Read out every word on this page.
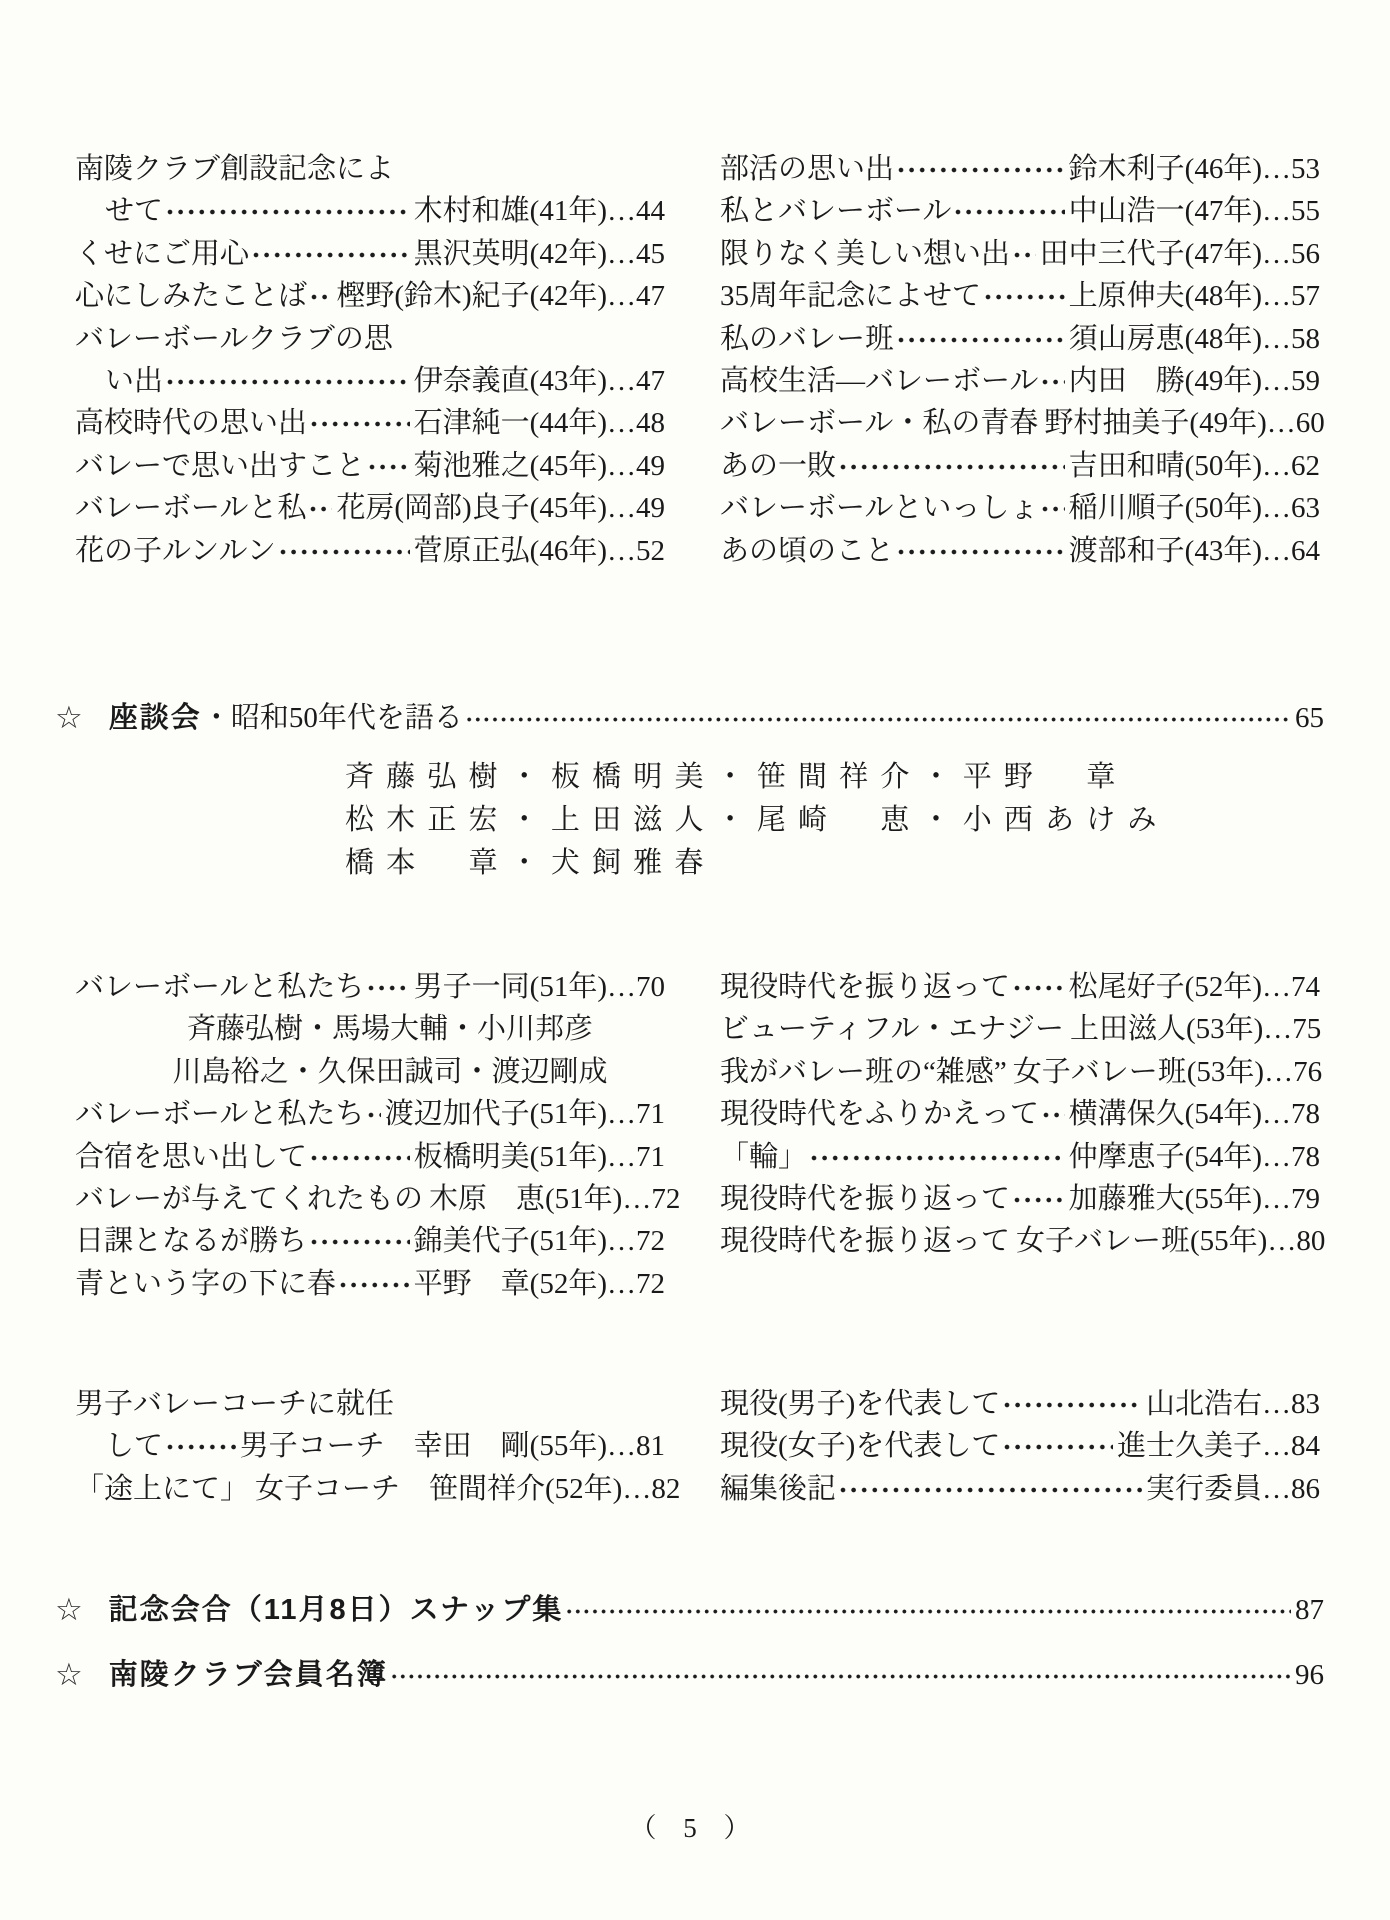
南陵クラブ創設記念によ
せて	木村和雄(41年) … 44
くせにご用心	黒沢英明(42年) … 45
心にしみたことば 樫野(鈴木)紀子(42年) … 47
バレーボールクラブの思
い出	伊奈義直(43年) … 47
高校時代の思い出	石津純一(44年) … 48
バレーで思い出すこと 菊池雅之(45年) … 49
バレーボールと私 花房(岡部)良子(45年) … 49
花の子ルンルン	菅原正弘(46年) … 52
部活の思い出	鈴木利子(46年) … 53
私とバレーボール	中山浩一(47年) … 55
限りなく美しい想い出 田中三代子(47年) … 56
35周年記念によせて	上原伸夫(48年) … 57
私のバレー班	須山房恵(48年) … 58
高校生活―バレーボール 内田　勝(49年) … 59
バレーボール・私の青春 野村抽美子(49年) … 60
あの一敗	吉田和晴(50年) … 62
バレーボールといっしょ 稲川順子(50年) … 63
あの頃のこと	渡部和子(43年) … 64
☆ 座談会 ・昭和50年代を語る	65
斉藤弘樹・板橋明美・笹間祥介・平野　章
松木正宏・上田滋人・尾崎　恵・小西あけみ
橋本　章・犬飼雅春
バレーボールと私たち 男子一同(51年) … 70
斉藤弘樹・馬場大輔・小川邦彦
川島裕之・久保田誠司・渡辺剛成
バレーボールと私たち 渡辺加代子(51年) … 71
合宿を思い出して	板橋明美(51年) … 71
バレーが与えてくれたもの 木原　恵(51年) … 72
日課となるが勝ち	錦美代子(51年) … 72
青という字の下に春	平野　章(52年) … 72
現役時代を振り返って 松尾好子(52年) … 74
ビューティフル・エナジー 上田滋人(53年) … 75
我がバレー班の“雑感” 女子バレー班(53年) … 76
現役時代をふりかえって 横溝保久(54年) … 78
「輪」	仲摩恵子(54年) … 78
現役時代を振り返って 加藤雅大(55年) … 79
現役時代を振り返って 女子バレー班(55年) … 80
男子バレーコーチに就任
して	男子コーチ　幸田　剛(55年) … 81
「途上にて」 女子コーチ　笹間祥介(52年) … 82
現役(男子)を代表して	山北浩右 … 83
現役(女子)を代表して	進士久美子 … 84
編集後記	実行委員 … 86
☆ 記念会合（11月8日）スナップ集	87
☆ 南陵クラブ会員名簿	96
（ 5 ）
